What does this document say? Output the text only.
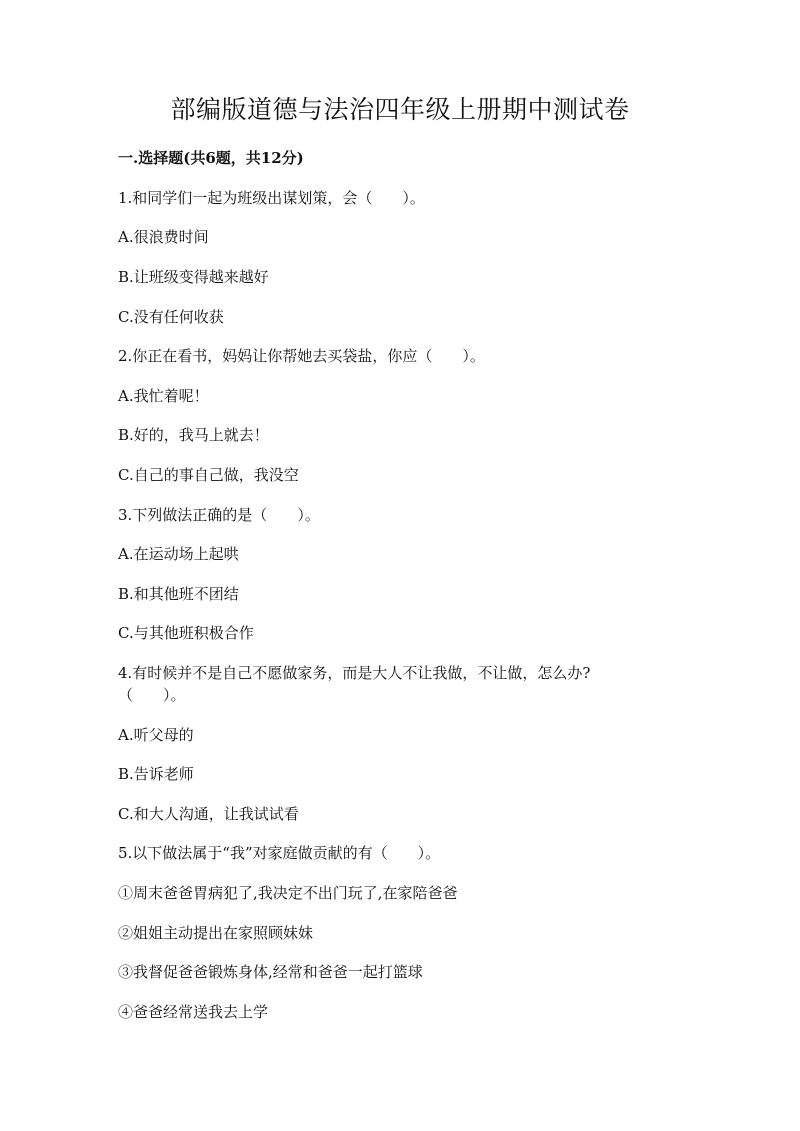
部编版道德与法治四年级上册期中测试卷
一.选择题(共6题，共12分)
1.和同学们一起为班级出谋划策，会（　　）。
A.很浪费时间
B.让班级变得越来越好
C.没有任何收获
2.你正在看书，妈妈让你帮她去买袋盐，你应（　　）。
A.我忙着呢！
B.好的，我马上就去！
C.自己的事自己做，我没空
3.下列做法正确的是（　　）。
A.在运动场上起哄
B.和其他班不团结
C.与其他班积极合作
4.有时候并不是自己不愿做家务，而是大人不让我做，不让做，怎么办?
（　　）。
A.听父母的
B.告诉老师
C.和大人沟通，让我试试看
5.以下做法属于“我”对家庭做贡献的有（　　）。
①周末爸爸胃病犯了,我决定不出门玩了,在家陪爸爸
②姐姐主动提出在家照顾妹妹
③我督促爸爸锻炼身体,经常和爸爸一起打篮球
④爸爸经常送我去上学
